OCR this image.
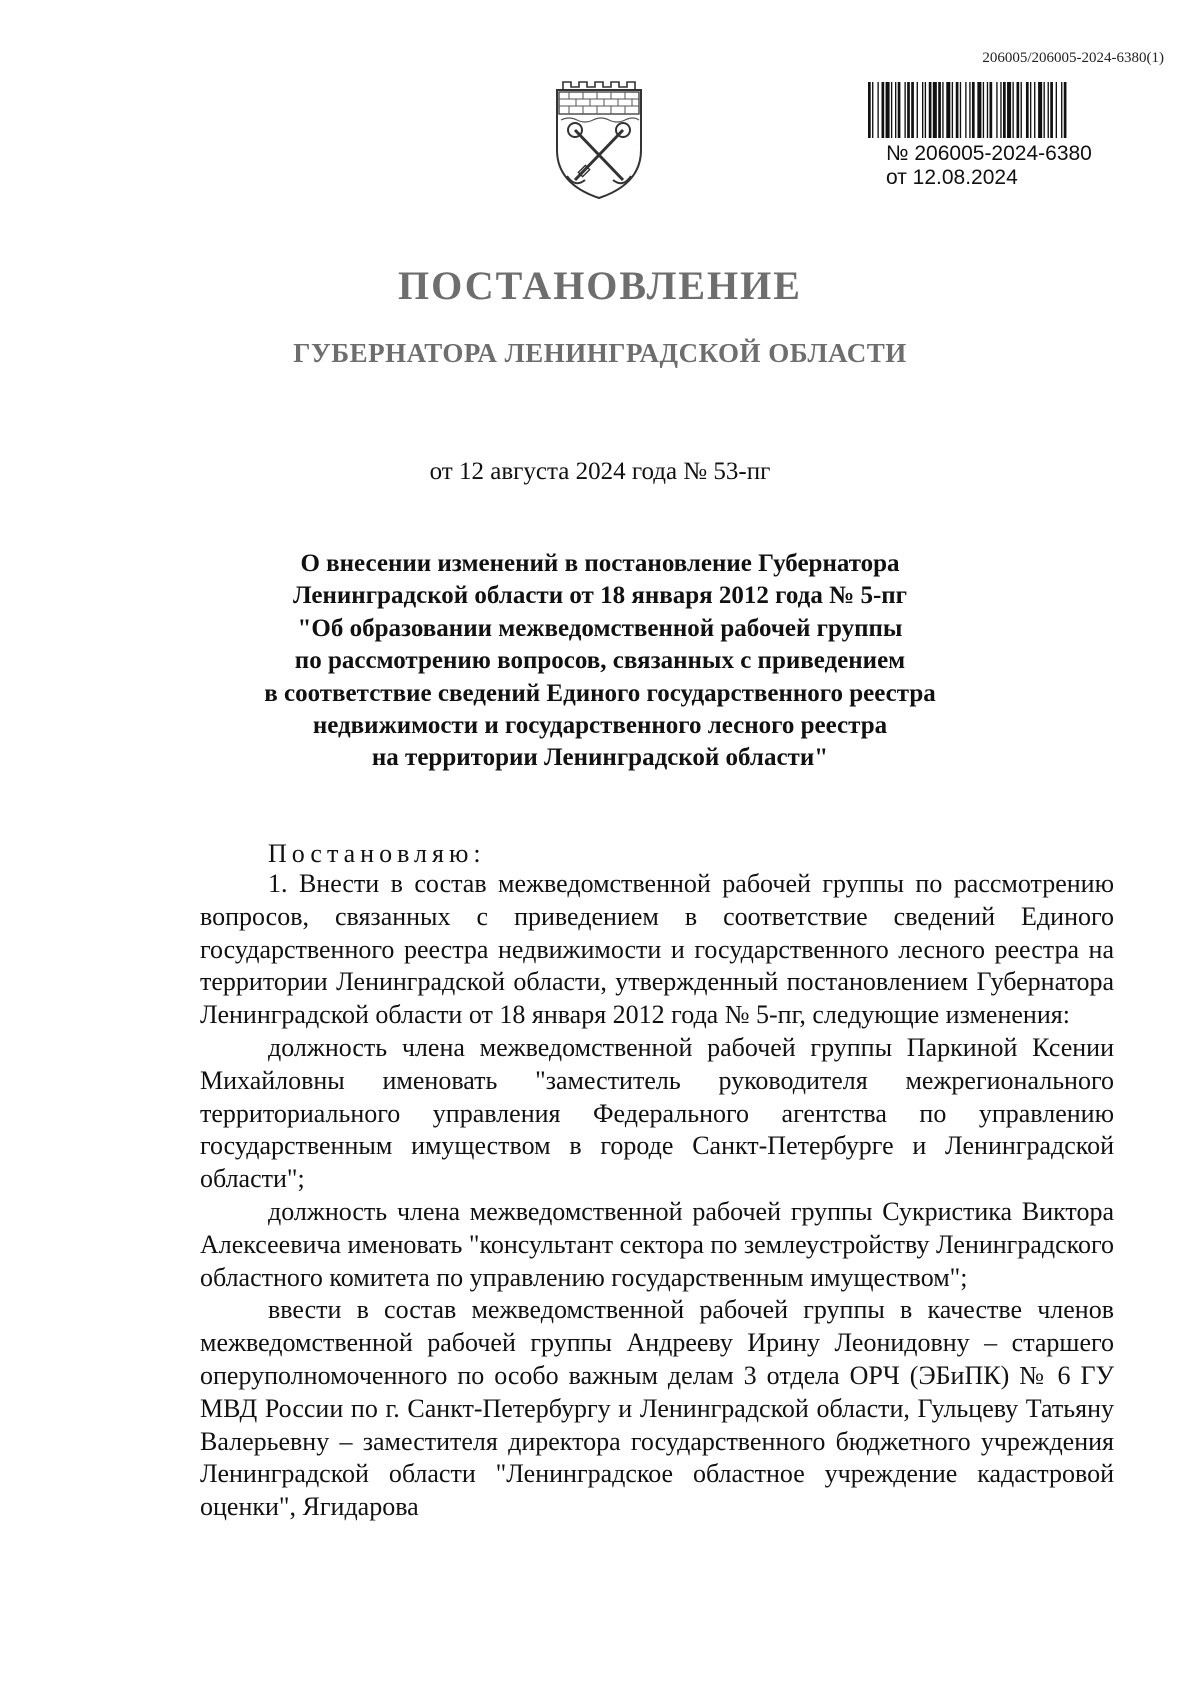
206005/206005-2024-6380(1)
№ 206005-2024-6380
от 12.08.2024
ПОСТАНОВЛЕНИЕ
ГУБЕРНАТОРА ЛЕНИНГРАДСКОЙ ОБЛАСТИ
от 12 августа 2024 года № 53-пг
О внесении изменений в постановление Губернатора
Ленинградской области от 18 января 2012 года № 5-пг
"Об образовании межведомственной рабочей группы
по рассмотрению вопросов, связанных с приведением
в соответствие сведений Единого государственного реестра
недвижимости и государственного лесного реестра
на территории Ленинградской области"
Постановляю:

1. Внести в состав межведомственной рабочей группы по рассмотрению вопросов, связанных с приведением в соответствие сведений Единого государственного реестра недвижимости и государственного лесного реестра на территории Ленинградской области, утвержденный постановлением Губернатора Ленинградской области от 18 января 2012 года № 5-пг, следующие изменения:

должность члена межведомственной рабочей группы Паркиной Ксении Михайловны именовать "заместитель руководителя межрегионального территориального управления Федерального агентства по управлению государственным имуществом в городе Санкт-Петербурге и Ленинградской области";

должность члена межведомственной рабочей группы Сукристика Виктора Алексеевича именовать "консультант сектора по землеустройству Ленинградского областного комитета по управлению государственным имуществом";

ввести в состав межведомственной рабочей группы в качестве членов межведомственной рабочей группы Андрееву Ирину Леонидовну – старшего оперуполномоченного по особо важным делам 3 отдела ОРЧ (ЭБиПК) № 6 ГУ МВД России по г. Санкт-Петербургу и Ленинградской области, Гульцеву Татьяну Валерьевну – заместителя директора государственного бюджетного учреждения Ленинградской области "Ленинградское областное учреждение кадастровой оценки", Ягидарова
